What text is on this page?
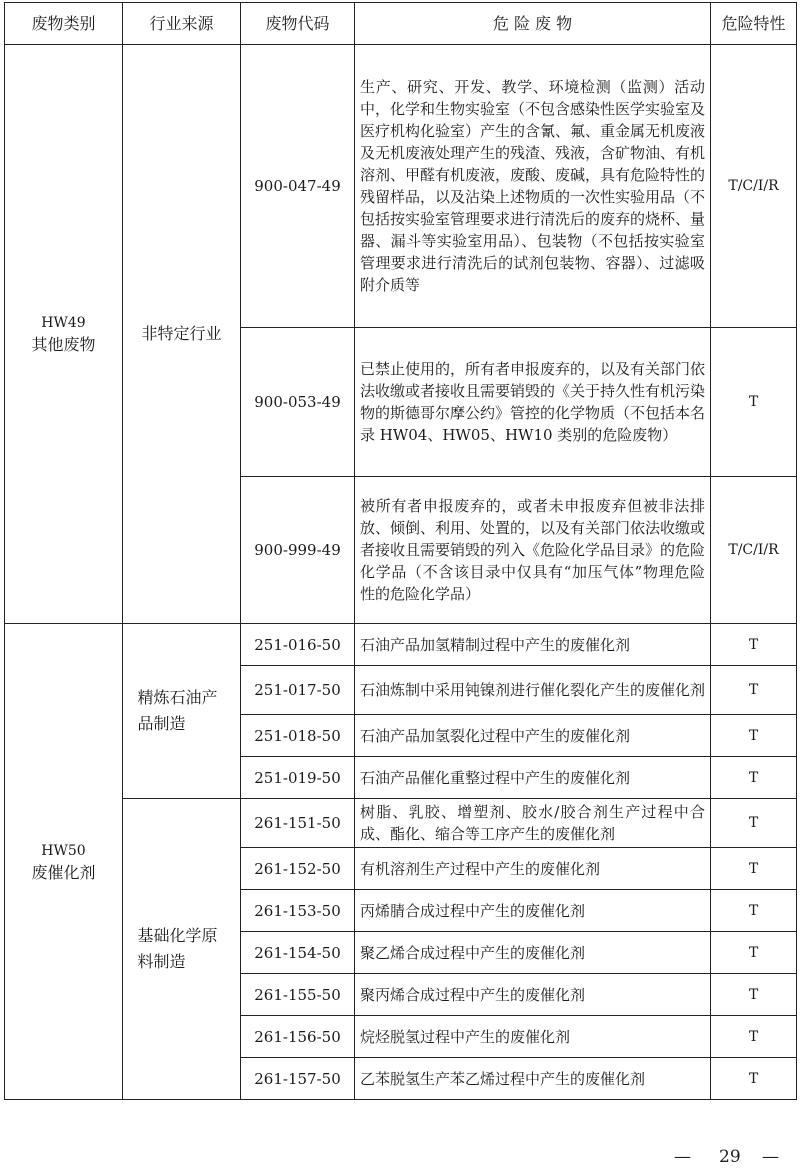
废物类别	行业来源	废物代码	危 险 废 物	危险特性

HW49
其他废物	非特定行业	900-047-49	生产、研究、开发、教学、环境检测（监测）活动中，化学和生物实验室（不包含感染性医学实验室及医疗机构化验室）产生的含氰、氟、重金属无机废液及无机废液处理产生的残渣、残液，含矿物油、有机溶剂、甲醛有机废液，废酸、废碱，具有危险特性的残留样品，以及沾染上述物质的一次性实验用品（不包括按实验室管理要求进行清洗后的废弃的烧杯、量器、漏斗等实验室用品）、包装物（不包括按实验室管理要求进行清洗后的试剂包装物、容器）、过滤吸附介质等	T/C/I/R
		900-053-49	已禁止使用的，所有者申报废弃的，以及有关部门依法收缴或者接收且需要销毁的《关于持久性有机污染物的斯德哥尔摩公约》管控的化学物质（不包括本名录 HW04、HW05、HW10 类别的危险废物）	T
		900-999-49	被所有者申报废弃的，或者未申报废弃但被非法排放、倾倒、利用、处置的，以及有关部门依法收缴或者接收且需要销毁的列入《危险化学品目录》的危险化学品（不含该目录中仅具有“加压气体”物理危险性的危险化学品）	T/C/I/R

HW50
废催化剂	精炼石油产品制造	251-016-50	石油产品加氢精制过程中产生的废催化剂	T
		251-017-50	石油炼制中采用钝镍剂进行催化裂化产生的废催化剂	T
		251-018-50	石油产品加氢裂化过程中产生的废催化剂	T
		251-019-50	石油产品催化重整过程中产生的废催化剂	T

	基础化学原料制造	261-151-50	树脂、乳胶、增塑剂、胶水/胶合剂生产过程中合成、酯化、缩合等工序产生的废催化剂	T
		261-152-50	有机溶剂生产过程中产生的废催化剂	T
		261-153-50	丙烯腈合成过程中产生的废催化剂	T
		261-154-50	聚乙烯合成过程中产生的废催化剂	T
		261-155-50	聚丙烯合成过程中产生的废催化剂	T
		261-156-50	烷烃脱氢过程中产生的废催化剂	T
		261-157-50	乙苯脱氢生产苯乙烯过程中产生的废催化剂	T
— 29 —
